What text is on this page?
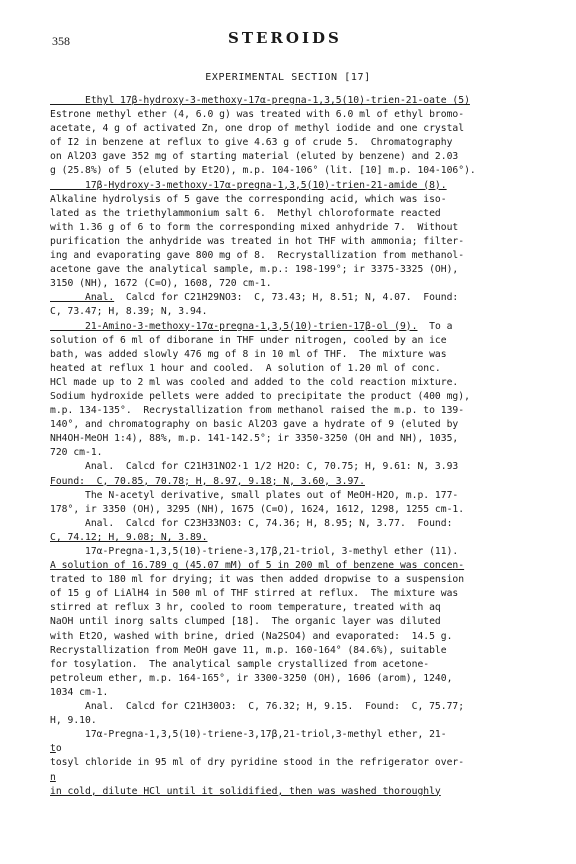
358	STEROIDS
EXPERIMENTAL SECTION [17]
Ethyl 17β-hydroxy-3-methoxy-17α-pregna-1,3,5(10)-trien-21-oate (5)
Estrone methyl ether (4, 6.0 g) was treated with 6.0 ml of ethyl bromo-
acetate, 4 g of activated Zn, one drop of methyl iodide and one crystal
of I2 in benzene at reflux to give 4.63 g of crude 5.  Chromatography
on Al2O3 gave 352 mg of starting material (eluted by benzene) and 2.03
g (25.8%) of 5 (eluted by Et2O), m.p. 104-106° (lit. [10] m.p. 104-106°).
17β-Hydroxy-3-methoxy-17α-pregna-1,3,5(10)-trien-21-amide (8).
Alkaline hydrolysis of 5 gave the corresponding acid, which was iso-
lated as the triethylammonium salt 6.  Methyl chloroformate reacted
with 1.36 g of 6 to form the corresponding mixed anhydride 7.  Without
purification the anhydride was treated in hot THF with ammonia; filter-
ing and evaporating gave 800 mg of 8.  Recrystallization from methanol-
acetone gave the analytical sample, m.p.: 198-199°; ir 3375-3325 (OH),
3150 (NH), 1672 (C=O), 1608, 720 cm-1.
Anal.  Calcd for C21H29NO3:  C, 73.43; H, 8.51; N, 4.07.  Found:
C, 73.47; H, 8.39; N, 3.94.
21-Amino-3-methoxy-17α-pregna-1,3,5(10)-trien-17β-ol (9).  To a
solution of 6 ml of diborane in THF under nitrogen, cooled by an ice
bath, was added slowly 476 mg of 8 in 10 ml of THF.  The mixture was
heated at reflux 1 hour and cooled.  A solution of 1.20 ml of conc.
HCl made up to 2 ml was cooled and added to the cold reaction mixture.
Sodium hydroxide pellets were added to precipitate the product (400 mg),
m.p. 134-135°.  Recrystallization from methanol raised the m.p. to 139-
140°, and chromatography on basic Al2O3 gave a hydrate of 9 (eluted by
NH4OH-MeOH 1:4), 88%, m.p. 141-142.5°; ir 3350-3250 (OH and NH), 1035,
720 cm-1.
Anal.  Calcd for C21H31NO2·1 1/2 H2O: C, 70.75; H, 9.61: N, 3.93
Found:  C, 70.85, 70.78; H, 8.97, 9.18; N, 3.60, 3.97.
The N-acetyl derivative, small plates out of MeOH-H2O, m.p. 177-
178°, ir 3350 (OH), 3295 (NH), 1675 (C=O), 1624, 1612, 1298, 1255 cm-1.
Anal.  Calcd for C23H33NO3: C, 74.36; H, 8.95; N, 3.77.  Found:
C, 74.12; H, 9.08; N, 3.89.
17α-Pregna-1,3,5(10)-triene-3,17β,21-triol, 3-methyl ether (11).
A solution of 16.789 g (45.07 mM) of 5 in 200 ml of benzene was concen-
trated to 180 ml for drying; it was then added dropwise to a suspension
of 15 g of LiAlH4 in 500 ml of THF stirred at reflux.  The mixture was
stirred at reflux 3 hr, cooled to room temperature, treated with aq
NaOH until inorg salts clumped [18].  The organic layer was diluted
with Et2O, washed with brine, dried (Na2SO4) and evaporated:  14.5 g.
Recrystallization from MeOH gave 11, m.p. 160-164° (84.6%), suitable
for tosylation.  The analytical sample crystallized from acetone-
petroleum ether, m.p. 164-165°, ir 3300-3250 (OH), 1606 (arom), 1240,
1034 cm-1.
Anal.  Calcd for C21H30O3:  C, 76.32; H, 9.15.  Found:  C, 75.77;
H, 9.10.
17α-Pregna-1,3,5(10)-triene-3,17β,21-triol,3-methyl ether, 21-
to
tosyl chloride in 95 ml of dry pyridine stood in the refrigerator over-
n
in cold, dilute HCl until it solidified, then was washed thoroughly
